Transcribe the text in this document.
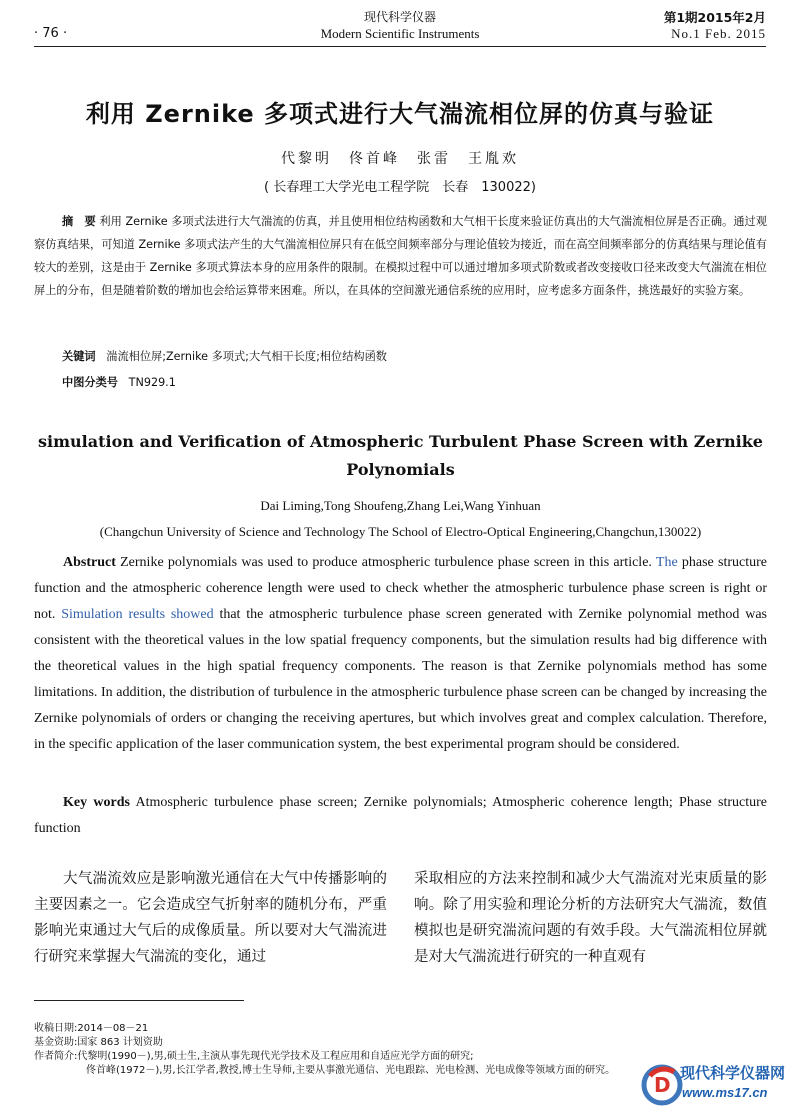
· 76 ·
现代科学仪器
Modern Scientific Instruments
第1期2015年2月
No.1 Feb. 2015
利用 Zernike 多项式进行大气湍流相位屏的仿真与验证
代黎明　佟首峰　张雷　王胤欢
( 长春理工大学光电工程学院　长春　130022)
摘　要 利用 Zernike 多项式法进行大气湍流的仿真，并且使用相位结构函数和大气相干长度来验证仿真出的大气湍流相位屏是否正确。通过观察仿真结果，可知道 Zernike 多项式法产生的大气湍流相位屏只有在低空间频率部分与理论值较为接近，而在高空间频率部分的仿真结果与理论值有较大的差别，这是由于 Zernike 多项式算法本身的应用条件的限制。在模拟过程中可以通过增加多项式阶数或者改变接收口径来改变大气湍流在相位屏上的分布，但是随着阶数的增加也会给运算带来困难。所以，在具体的空间激光通信系统的应用时，应考虑多方面条件，挑选最好的实验方案。
关键词 湍流相位屏;Zernike 多项式;大气相干长度;相位结构函数
中图分类号 TN929.1
simulation and Verification of Atmospheric Turbulent Phase Screen with Zernike
Polynomials
Dai Liming,Tong Shoufeng,Zhang Lei,Wang Yinhuan
(Changchun University of Science and Technology The School of Electro-Optical Engineering,Changchun,130022)
Abstruct Zernike polynomials was used to produce atmospheric turbulence phase screen in this article. The phase structure function and the atmospheric coherence length were used to check whether the atmospheric turbulence phase screen is right or not. Simulation results showed that the atmospheric turbulence phase screen generated with Zernike polynomial method was consistent with the theoretical values in the low spatial frequency components, but the simulation results had big difference with the theoretical values in the high spatial frequency components. The reason is that Zernike polynomials method has some limitations. In addition, the distribution of turbulence in the atmospheric turbulence phase screen can be changed by increasing the Zernike polynomials of orders or changing the receiving apertures, but which involves great and complex calculation. Therefore, in the specific application of the laser communication system, the best experimental program should be considered.
Key words Atmospheric turbulence phase screen; Zernike polynomials; Atmospheric coherence length; Phase structure function
大气湍流效应是影响激光通信在大气中传播影响的主要因素之一。它会造成空气折射率的随机分布，严重影响光束通过大气后的成像质量。所以要对大气湍流进行研究来掌握大气湍流的变化，通过
采取相应的方法来控制和减少大气湍流对光束质量的影响。除了用实验和理论分析的方法研究大气湍流，数值模拟也是研究湍流问题的有效手段。大气湍流相位屏就是对大气湍流进行研究的一种直观有
收稿日期:2014－08－21
基金资助:国家 863 计划资助
作者简介:代黎明(1990－),男,硕士生,主演从事先现代光学技术及工程应用和自适应光学方面的研究;
佟首峰(1972－),男,长江学者,教授,博士生导师,主要从事激光通信、光电跟踪、光电检测、光电成像等领域方面的研究。
D 现代科学仪器网
www.ms17.cn
